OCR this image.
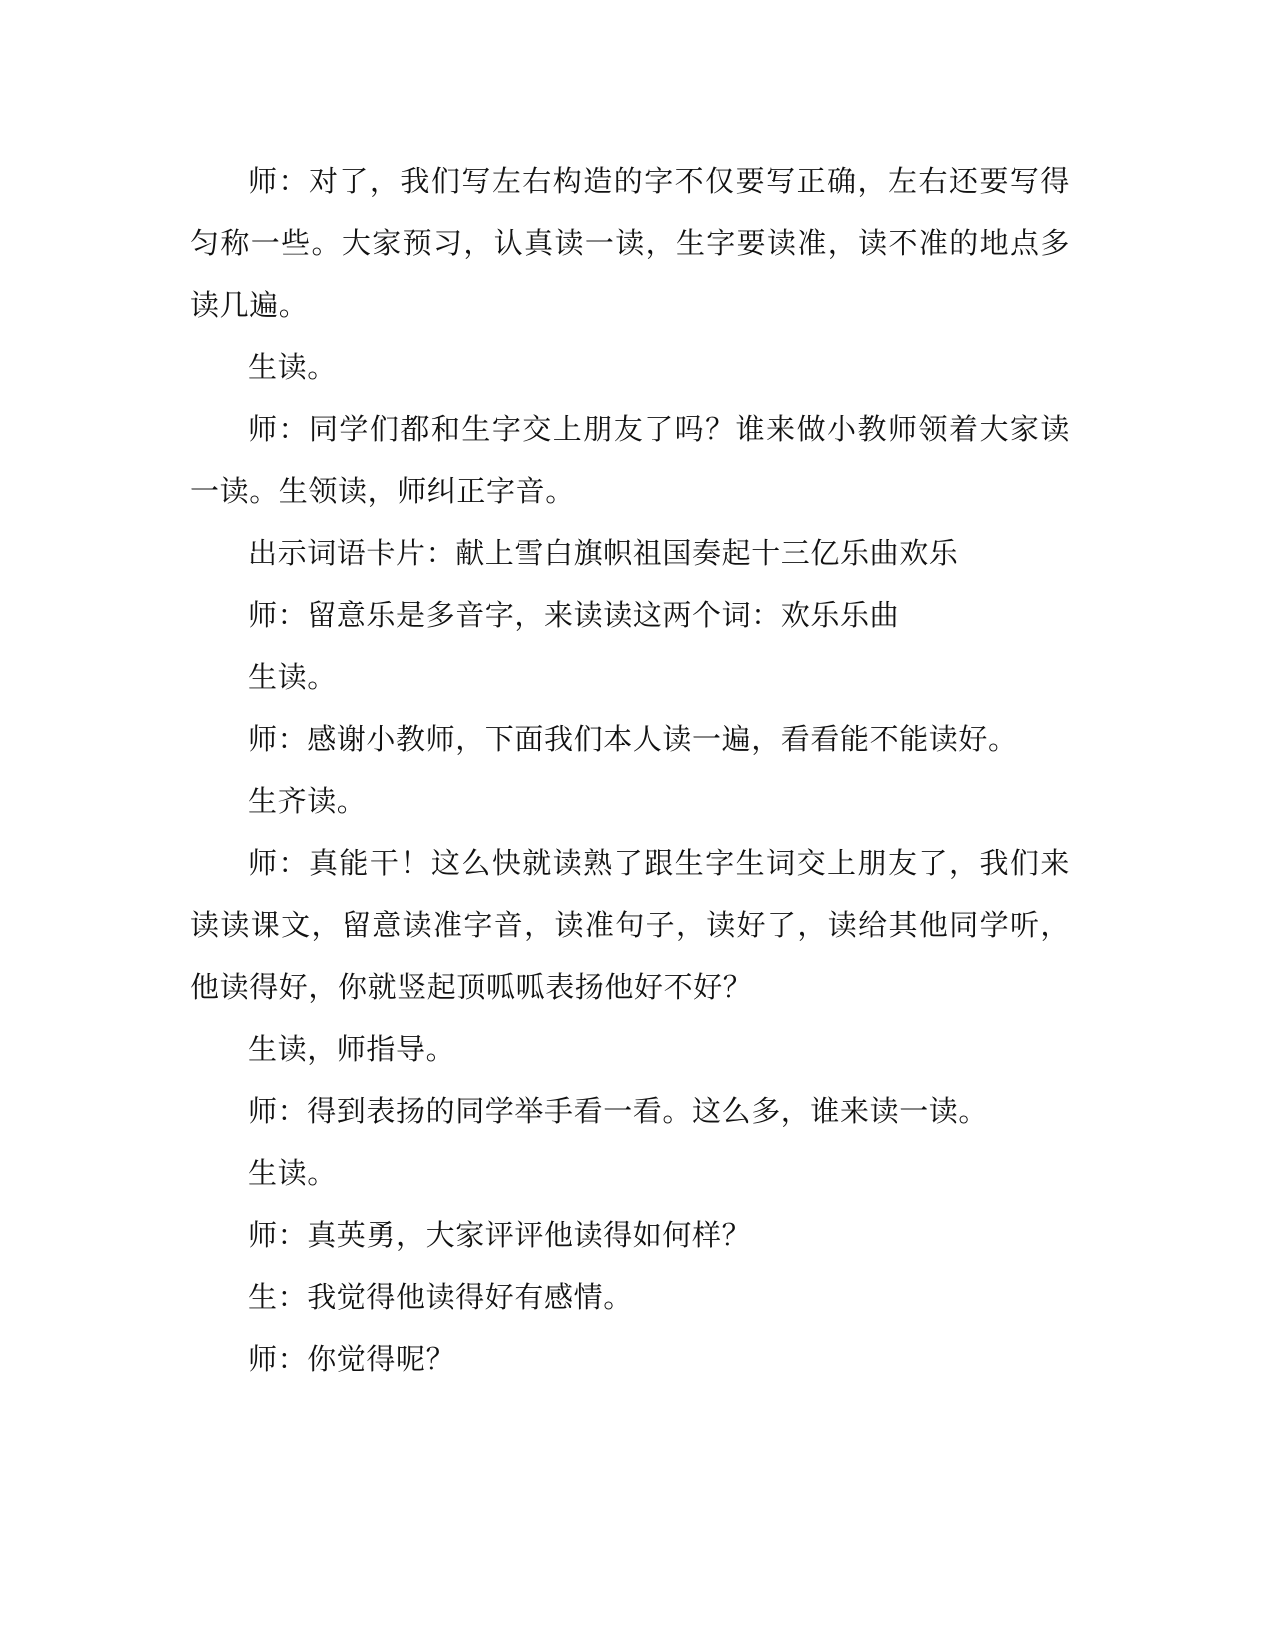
师：对了，我们写左右构造的字不仅要写正确，左右还要写得匀称一些。大家预习，认真读一读，生字要读准，读不准的地点多读几遍。

生读。

师：同学们都和生字交上朋友了吗？谁来做小教师领着大家读一读。生领读，师纠正字音。

出示词语卡片：献上雪白旗帜祖国奏起十三亿乐曲欢乐

师：留意乐是多音字，来读读这两个词：欢乐乐曲

生读。

师：感谢小教师，下面我们本人读一遍，看看能不能读好。

生齐读。

师：真能干！这么快就读熟了跟生字生词交上朋友了，我们来读读课文，留意读准字音，读准句子，读好了，读给其他同学听，他读得好，你就竖起顶呱呱表扬他好不好？

生读，师指导。

师：得到表扬的同学举手看一看。这么多，谁来读一读。

生读。

师：真英勇，大家评评他读得如何样？

生：我觉得他读得好有感情。

师：你觉得呢？
